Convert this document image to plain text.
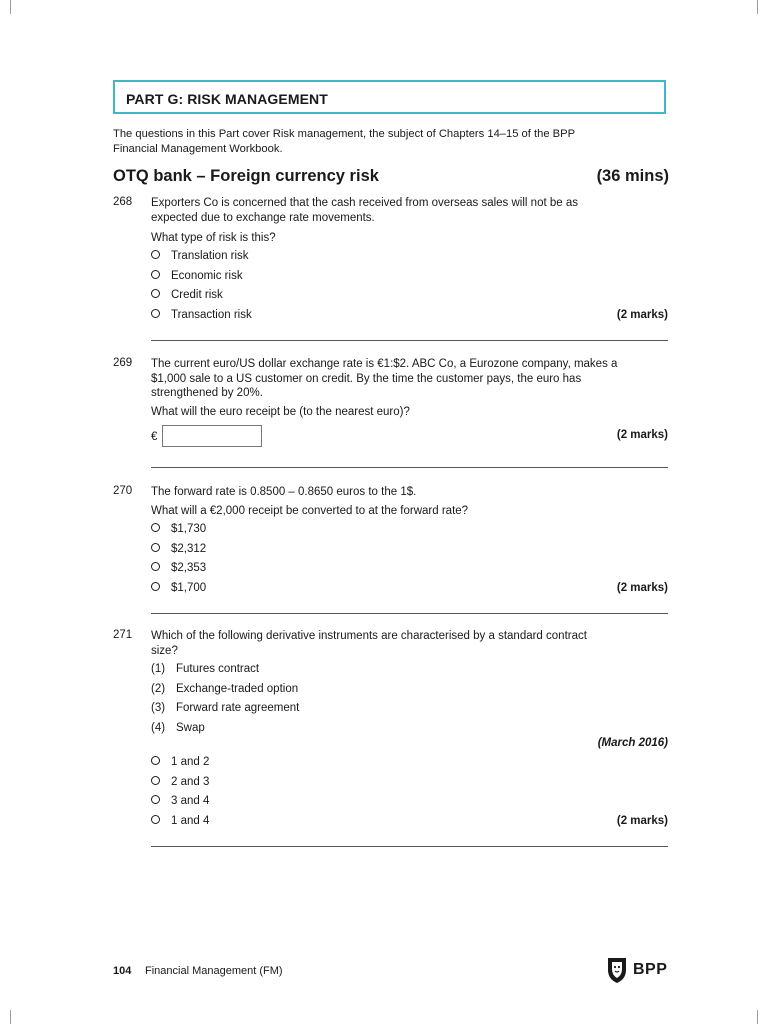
PART G: RISK MANAGEMENT
The questions in this Part cover Risk management, the subject of Chapters 14–15 of the BPP
Financial Management Workbook.
OTQ bank – Foreign currency risk	(36 mins)
268 Exporters Co is concerned that the cash received from overseas sales will not be as
expected due to exchange rate movements.
What type of risk is this?
Translation risk
Economic risk
Credit risk
Transaction risk	(2 marks)
269 The current euro/US dollar exchange rate is €1:$2. ABC Co, a Eurozone company, makes a
$1,000 sale to a US customer on credit. By the time the customer pays, the euro has
strengthened by 20%.
What will the euro receipt be (to the nearest euro)?
€	(2 marks)
270 The forward rate is 0.8500 – 0.8650 euros to the 1$.
What will a €2,000 receipt be converted to at the forward rate?
$1,730
$2,312
$2,353
$1,700	(2 marks)
271 Which of the following derivative instruments are characterised by a standard contract
size?
(1) Futures contract
(2) Exchange-traded option
(3) Forward rate agreement
(4) Swap
(March 2016)
1 and 2
2 and 3
3 and 4
1 and 4	(2 marks)
104 Financial Management (FM)	BPP
